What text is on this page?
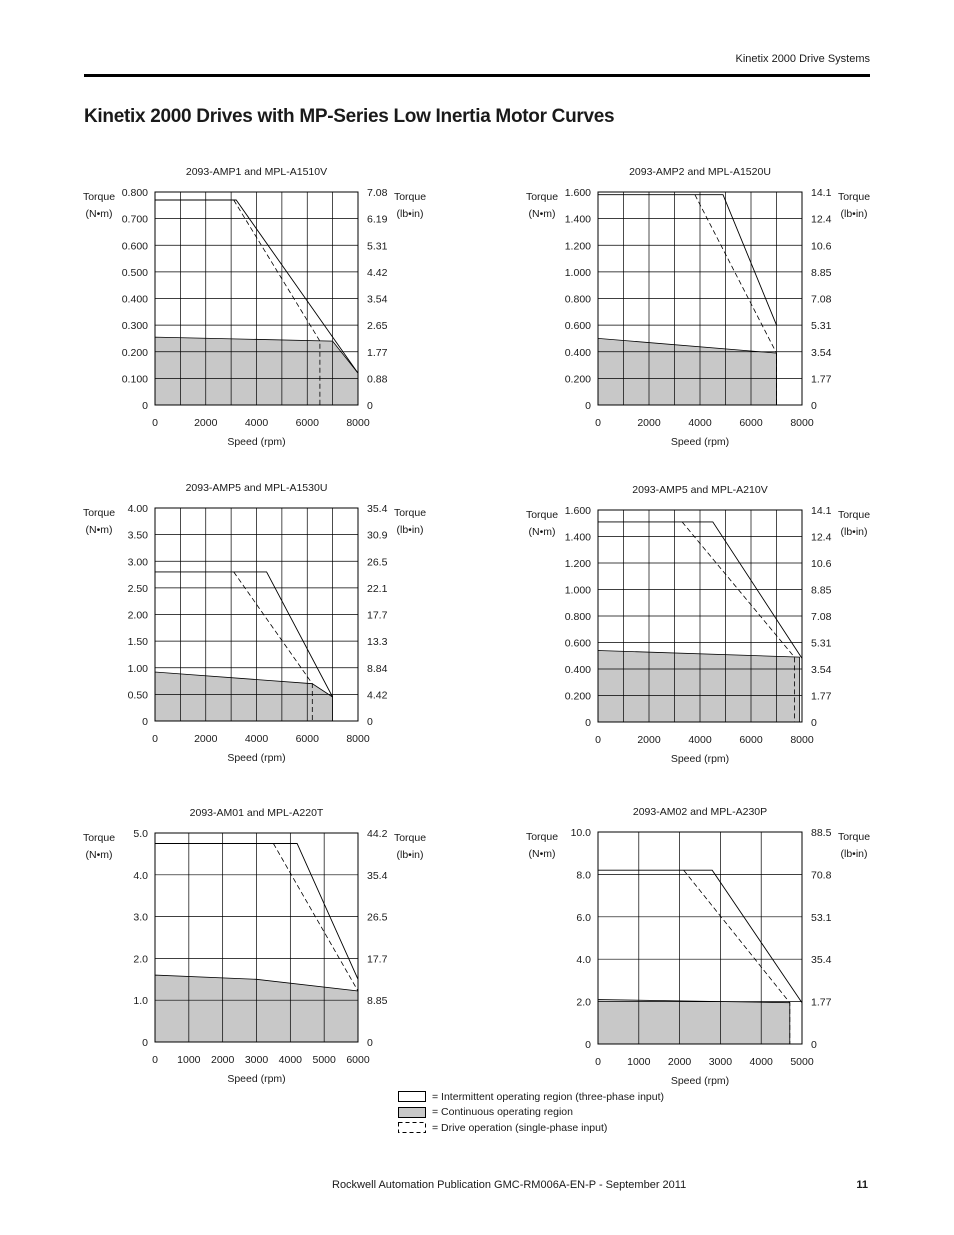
Kinetix 2000 Drive Systems
Kinetix 2000 Drives with MP-Series Low Inertia Motor Curves
2093-AMP1 and MPL-A1510V
0
0.100
0.200
0.300
0.400
0.500
0.600
0.700
0.800
0
0.88
1.77
2.65
3.54
4.42
5.31
6.19
7.08
0	2000	4000	6000	8000
Speed (rpm)
Torque
(N•m)
Torque
(lb•in)
2093-AMP2 and MPL-A1520U
0
0.200
0.400
0.600
0.800
1.000
1.200
1.400
1.600
0
1.77
3.54
5.31
7.08
8.85
10.6
12.4
14.1
0	2000	4000	6000	8000
Speed (rpm)
Torque
(N•m)
Torque
(lb•in)
2093-AMP5 and MPL-A1530U
0
0.50
1.00
1.50
2.00
2.50
3.00
3.50
4.00
0
4.42
8.84
13.3
17.7
22.1
26.5
30.9
35.4
0	2000	4000	6000	8000
Speed (rpm)
Torque
(N•m)
Torque
(lb•in)
2093-AMP5 and MPL-A210V
0
0.200
0.400
0.600
0.800
1.000
1.200
1.400
1.600
0
1.77
3.54
5.31
7.08
8.85
10.6
12.4
14.1
0	2000	4000	6000	8000
Speed (rpm)
Torque
(N•m)
Torque
(lb•in)
2093-AM01 and MPL-A220T
0
1.0
2.0
3.0
4.0
5.0
0
8.85
17.7
26.5
35.4
44.2
0 1000 2000 3000 4000 5000 6000
Speed (rpm)
Torque
(N•m)
Torque
(lb•in)
2093-AM02 and MPL-A230P
0
2.0
4.0
6.0
8.0
10.0
0
1.77
35.4
53.1
70.8
88.5
0 1000 2000 3000 4000 5000
Speed (rpm)
Torque
(N•m)
Torque
(lb•in)
= Intermittent operating region (three-phase input)
= Continuous operating region
= Drive operation (single-phase input)
Rockwell Automation Publication GMC-RM006A-EN-P - September 2011	11
